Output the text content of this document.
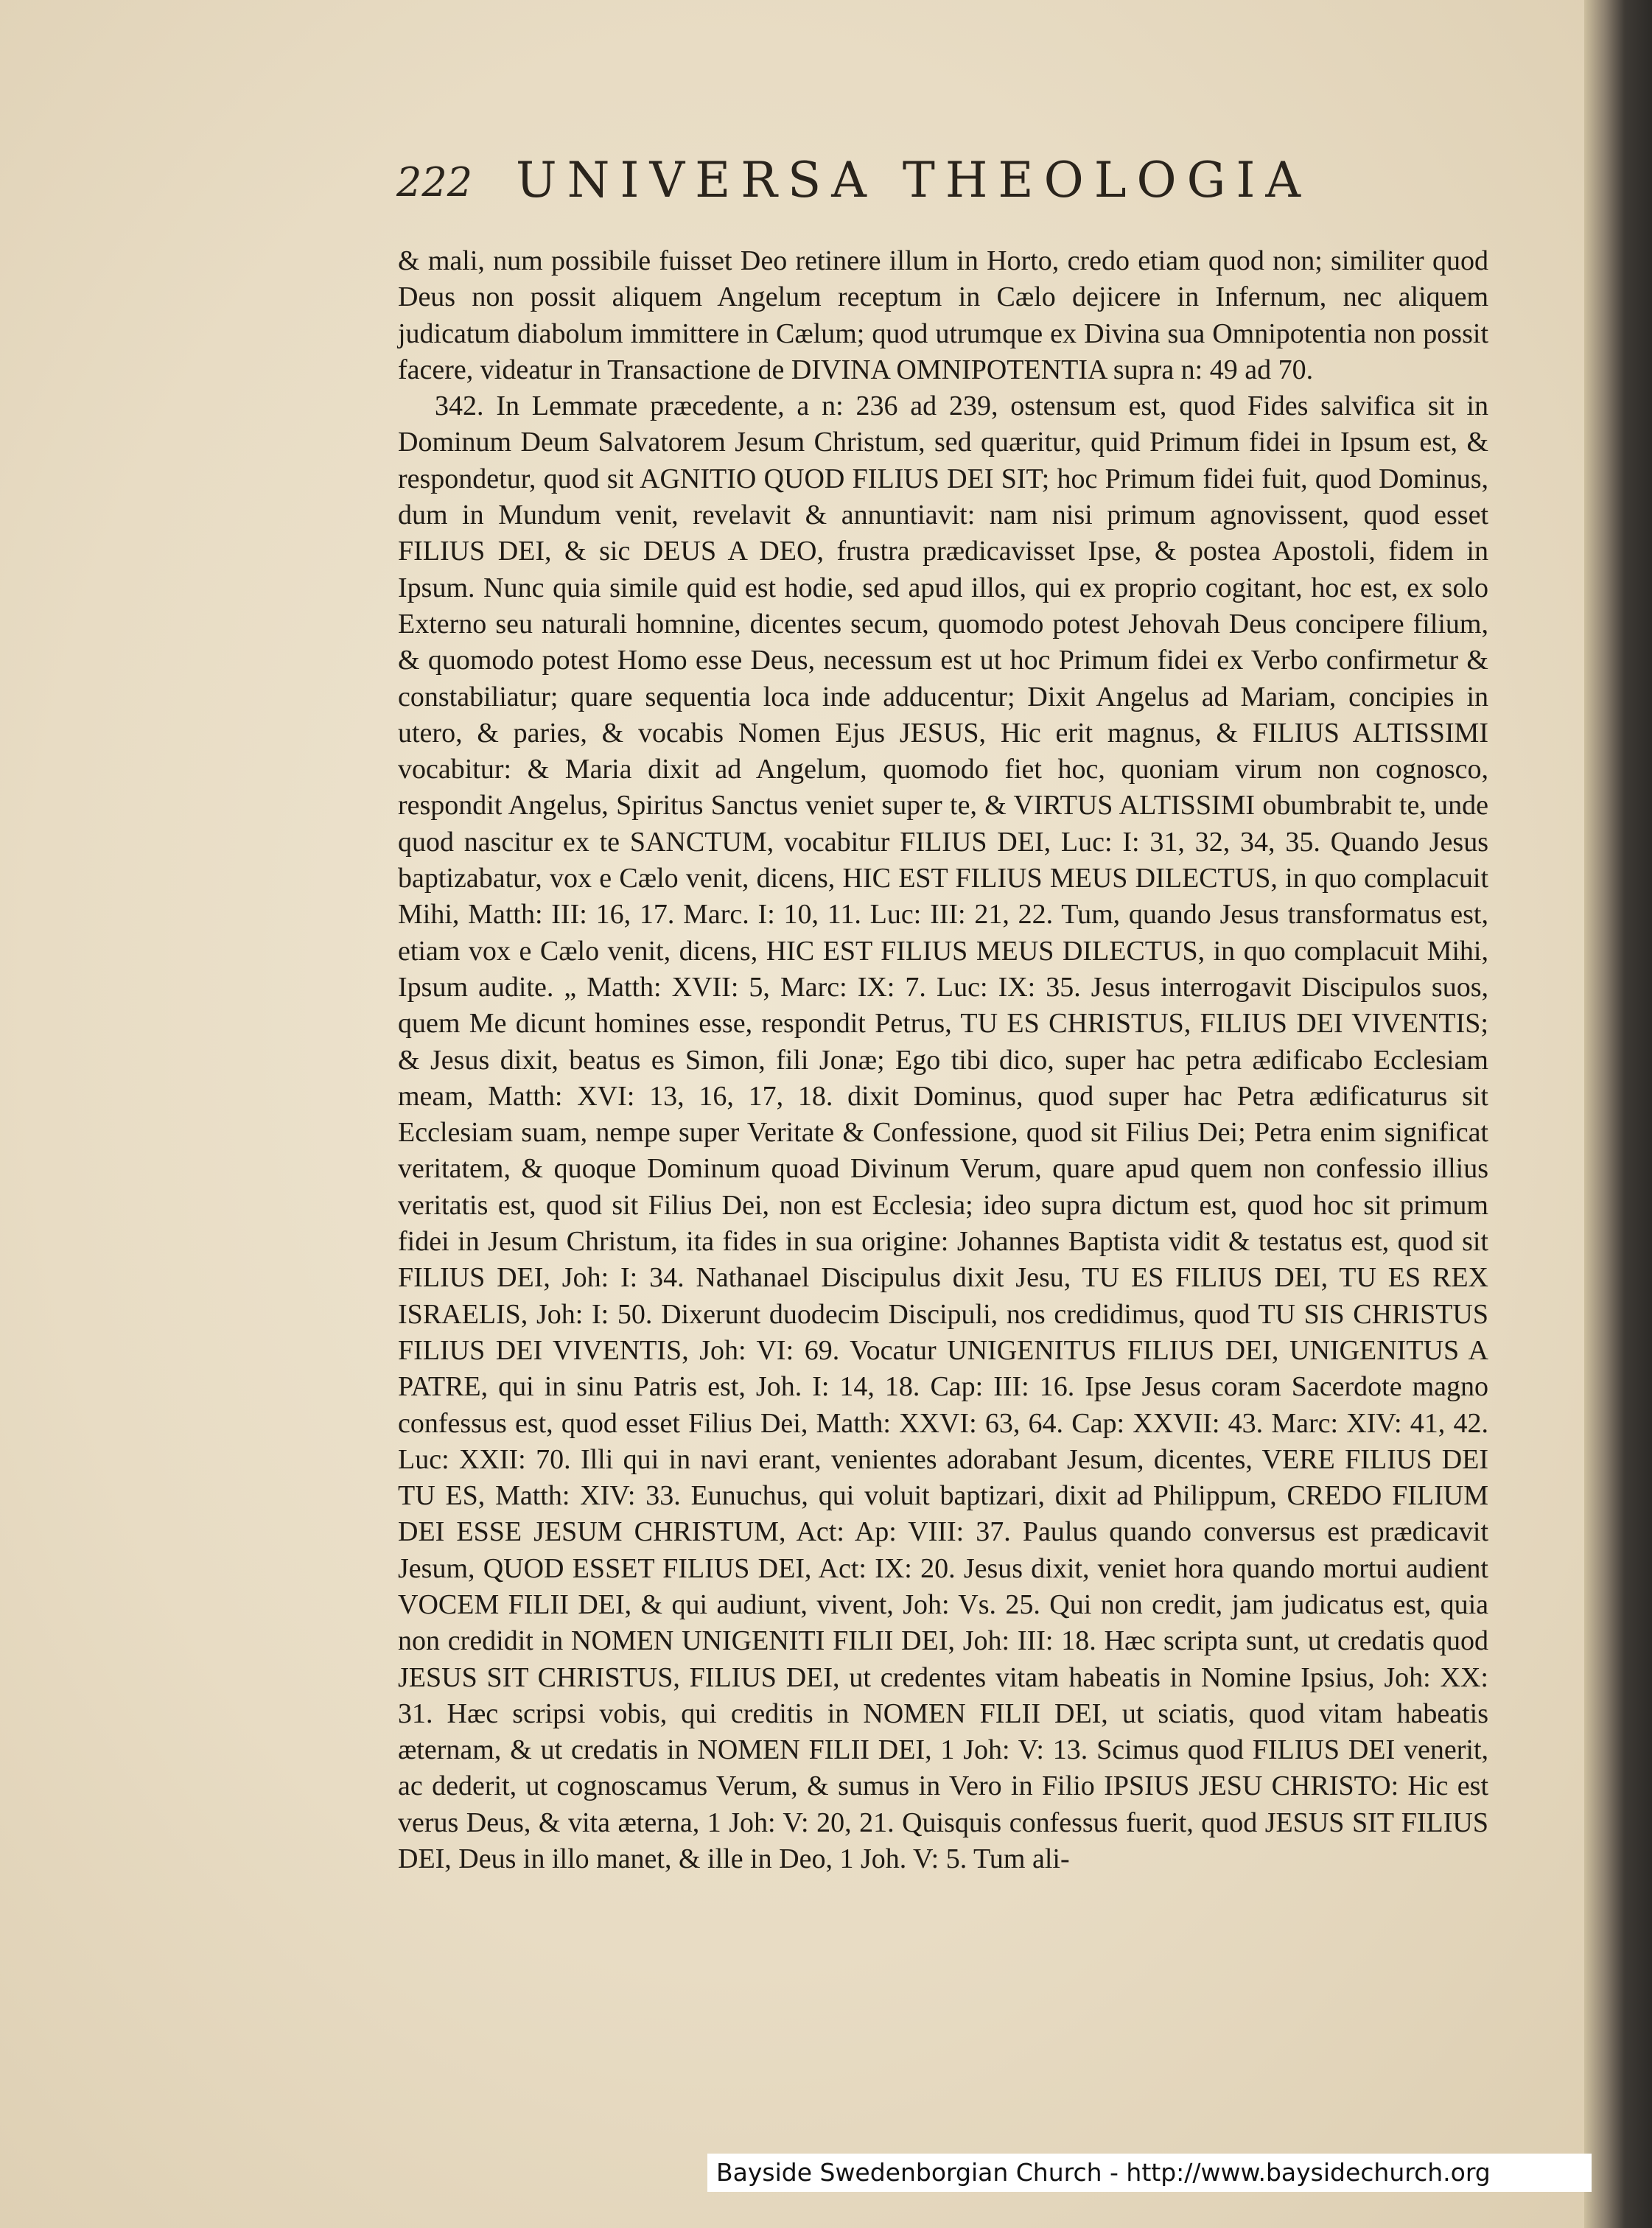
222 UNIVERSA THEOLOGIA

& mali, num possibile fuisset Deo retinere illum in Horto, credo etiam quod non; similiter quod Deus non possit aliquem Angelum receptum in Cælo dejicere in Infernum, nec aliquem judicatum diabolum immittere in Cælum; quod utrumque ex Divina sua Omnipotentia non possit facere, videatur in Transactione de DIVINA OMNIPOTENTIA supra n: 49 ad 70.

342. In Lemmate præcedente, a n: 236 ad 239, ostensum est, quod Fides salvifica sit in Dominum Deum Salvatorem Jesum Christum, sed quæritur, quid Primum fidei in Ipsum est, & respondetur, quod sit AGNITIO QUOD FILIUS DEI SIT; hoc Primum fidei fuit, quod Dominus, dum in Mundum venit, revelavit & annuntiavit: nam nisi primum agnovissent, quod esset FILIUS DEI, & sic DEUS A DEO, frustra prædicavisset Ipse, & postea Apostoli, fidem in Ipsum. Nunc quia simile quid est hodie, sed apud illos, qui ex proprio cogitant, hoc est, ex solo Externo seu naturali homnine, dicentes secum, quomodo potest Jehovah Deus concipere filium, & quomodo potest Homo esse Deus, necessum est ut hoc Primum fidei ex Verbo confirmetur & constabiliatur; quare sequentia loca inde adducentur; Dixit Angelus ad Mariam, concipies in utero, & paries, & vocabis Nomen Ejus JESUS, Hic erit magnus, & FILIUS ALTISSIMI vocabitur: & Maria dixit ad Angelum, quomodo fiet hoc, quoniam virum non cognosco, respondit Angelus, Spiritus Sanctus veniet super te, & VIRTUS ALTISSIMI obumbrabit te, unde quod nascitur ex te SANCTUM, vocabitur FILIUS DEI, Luc: I: 31, 32, 34, 35. Quando Jesus baptizabatur, vox e Cælo venit, dicens, HIC EST FILIUS MEUS DILECTUS, in quo complacuit Mihi, Matth: III: 16, 17. Marc. I: 10, 11. Luc: III: 21, 22. Tum, quando Jesus transformatus est, etiam vox e Cælo venit, dicens, HIC EST FILIUS MEUS DILECTUS, in quo complacuit Mihi, Ipsum audite. „ Matth: XVII: 5, Marc: IX: 7. Luc: IX: 35. Jesus interrogavit Discipulos suos, quem Me dicunt homines esse, respondit Petrus, TU ES CHRISTUS, FILIUS DEI VIVENTIS; & Jesus dixit, beatus es Simon, fili Jonæ; Ego tibi dico, super hac petra ædificabo Ecclesiam meam, Matth: XVI: 13, 16, 17, 18. dixit Dominus, quod super hac Petra ædificaturus sit Ecclesiam suam, nempe super Veritate & Confessione, quod sit Filius Dei; Petra enim significat veritatem, & quoque Dominum quoad Divinum Verum, quare apud quem non confessio illius veritatis est, quod sit Filius Dei, non est Ecclesia; ideo supra dictum est, quod hoc sit primum fidei in Jesum Christum, ita fides in sua origine: Johannes Baptista vidit & testatus est, quod sit FILIUS DEI, Joh: I: 34. Nathanael Discipulus dixit Jesu, TU ES FILIUS DEI, TU ES REX ISRAELIS, Joh: I: 50. Dixerunt duodecim Discipuli, nos credidimus, quod TU SIS CHRISTUS FILIUS DEI VIVENTIS, Joh: VI: 69. Vocatur UNIGENITUS FILIUS DEI, UNIGENITUS A PATRE, qui in sinu Patris est, Joh. I: 14, 18. Cap: III: 16. Ipse Jesus coram Sacerdote magno confessus est, quod esset Filius Dei, Matth: XXVI: 63, 64. Cap: XXVII: 43. Marc: XIV: 41, 42. Luc: XXII: 70. Illi qui in navi erant, venientes adorabant Jesum, dicentes, VERE FILIUS DEI TU ES, Matth: XIV: 33. Eunuchus, qui voluit baptizari, dixit ad Philippum, CREDO FILIUM DEI ESSE JESUM CHRISTUM, Act: Ap: VIII: 37. Paulus quando conversus est prædicavit Jesum, QUOD ESSET FILIUS DEI, Act: IX: 20. Jesus dixit, veniet hora quando mortui audient VOCEM FILII DEI, & qui audiunt, vivent, Joh: Vs. 25. Qui non credit, jam judicatus est, quia non credidit in NOMEN UNIGENITI FILII DEI, Joh: III: 18. Hæc scripta sunt, ut credatis quod JESUS SIT CHRISTUS, FILIUS DEI, ut credentes vitam habeatis in Nomine Ipsius, Joh: XX: 31. Hæc scripsi vobis, qui creditis in NOMEN FILII DEI, ut sciatis, quod vitam habeatis æternam, & ut credatis in NOMEN FILII DEI, 1 Joh: V: 13. Scimus quod FILIUS DEI venerit, ac dederit, ut cognoscamus Verum, & sumus in Vero in Filio IPSIUS JESU CHRISTO: Hic est verus Deus, & vita æterna, 1 Joh: V: 20, 21. Quisquis confessus fuerit, quod JESUS SIT FILIUS DEI, Deus in illo manet, & ille in Deo, 1 Joh. V: 5. Tum ali-

Bayside Swedenborgian Church - http://www.baysidechurch.org
